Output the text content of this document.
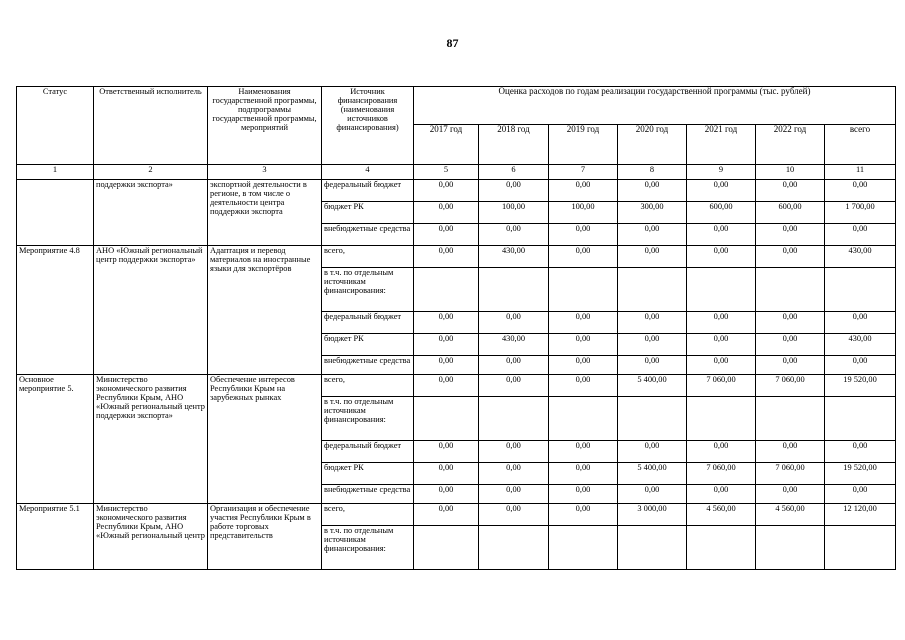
87
Статус	Ответственный исполнитель	Наименования государственной программы, подпрограммы государственной программы, мероприятий	Источник финансирования (наименования источников финансирования)	Оценка расходов по годам реализации государственной программы (тыс. рублей)						
				2017 год	2018 год	2019 год	2020 год	2021 год	2022 год	всего
1	2	3	4	5	6	7	8	9	10	11
	поддержки экспорта»	экспортной деятельности в регионе, в том числе о деятельности центра поддержки экспорта	федеральный бюджет	0,00	0,00	0,00	0,00	0,00	0,00	0,00
			бюджет РК	0,00	100,00	100,00	300,00	600,00	600,00	1 700,00
			внебюджетные средства	0,00	0,00	0,00	0,00	0,00	0,00	0,00
Мероприятие 4.8	АНО «Южный региональный центр поддержки экспорта»	Адаптация и перевод материалов на иностранные языки для экспортёров	всего,	0,00	430,00	0,00	0,00	0,00	0,00	430,00
			в т.ч. по отдельным источникам финансирования:							
			федеральный бюджет	0,00	0,00	0,00	0,00	0,00	0,00	0,00
			бюджет РК	0,00	430,00	0,00	0,00	0,00	0,00	430,00
			внебюджетные средства	0,00	0,00	0,00	0,00	0,00	0,00	0,00
Основное мероприятие 5.	Министерство экономического развития Республики Крым, АНО «Южный региональный центр поддержки экспорта»	Обеспечение интересов Республики Крым на зарубежных рынках	всего,	0,00	0,00	0,00	5 400,00	7 060,00	7 060,00	19 520,00
			в т.ч. по отдельным источникам финансирования:							
			федеральный бюджет	0,00	0,00	0,00	0,00	0,00	0,00	0,00
			бюджет РК	0,00	0,00	0,00	5 400,00	7 060,00	7 060,00	19 520,00
			внебюджетные средства	0,00	0,00	0,00	0,00	0,00	0,00	0,00
Мероприятие 5.1	Министерство экономического развития Республики Крым, АНО «Южный региональный центр	Организация и обеспечение участия Республики Крым в работе торговых представительств	всего,	0,00	0,00	0,00	3 000,00	4 560,00	4 560,00	12 120,00
			в т.ч. по отдельным источникам финансирования:							
